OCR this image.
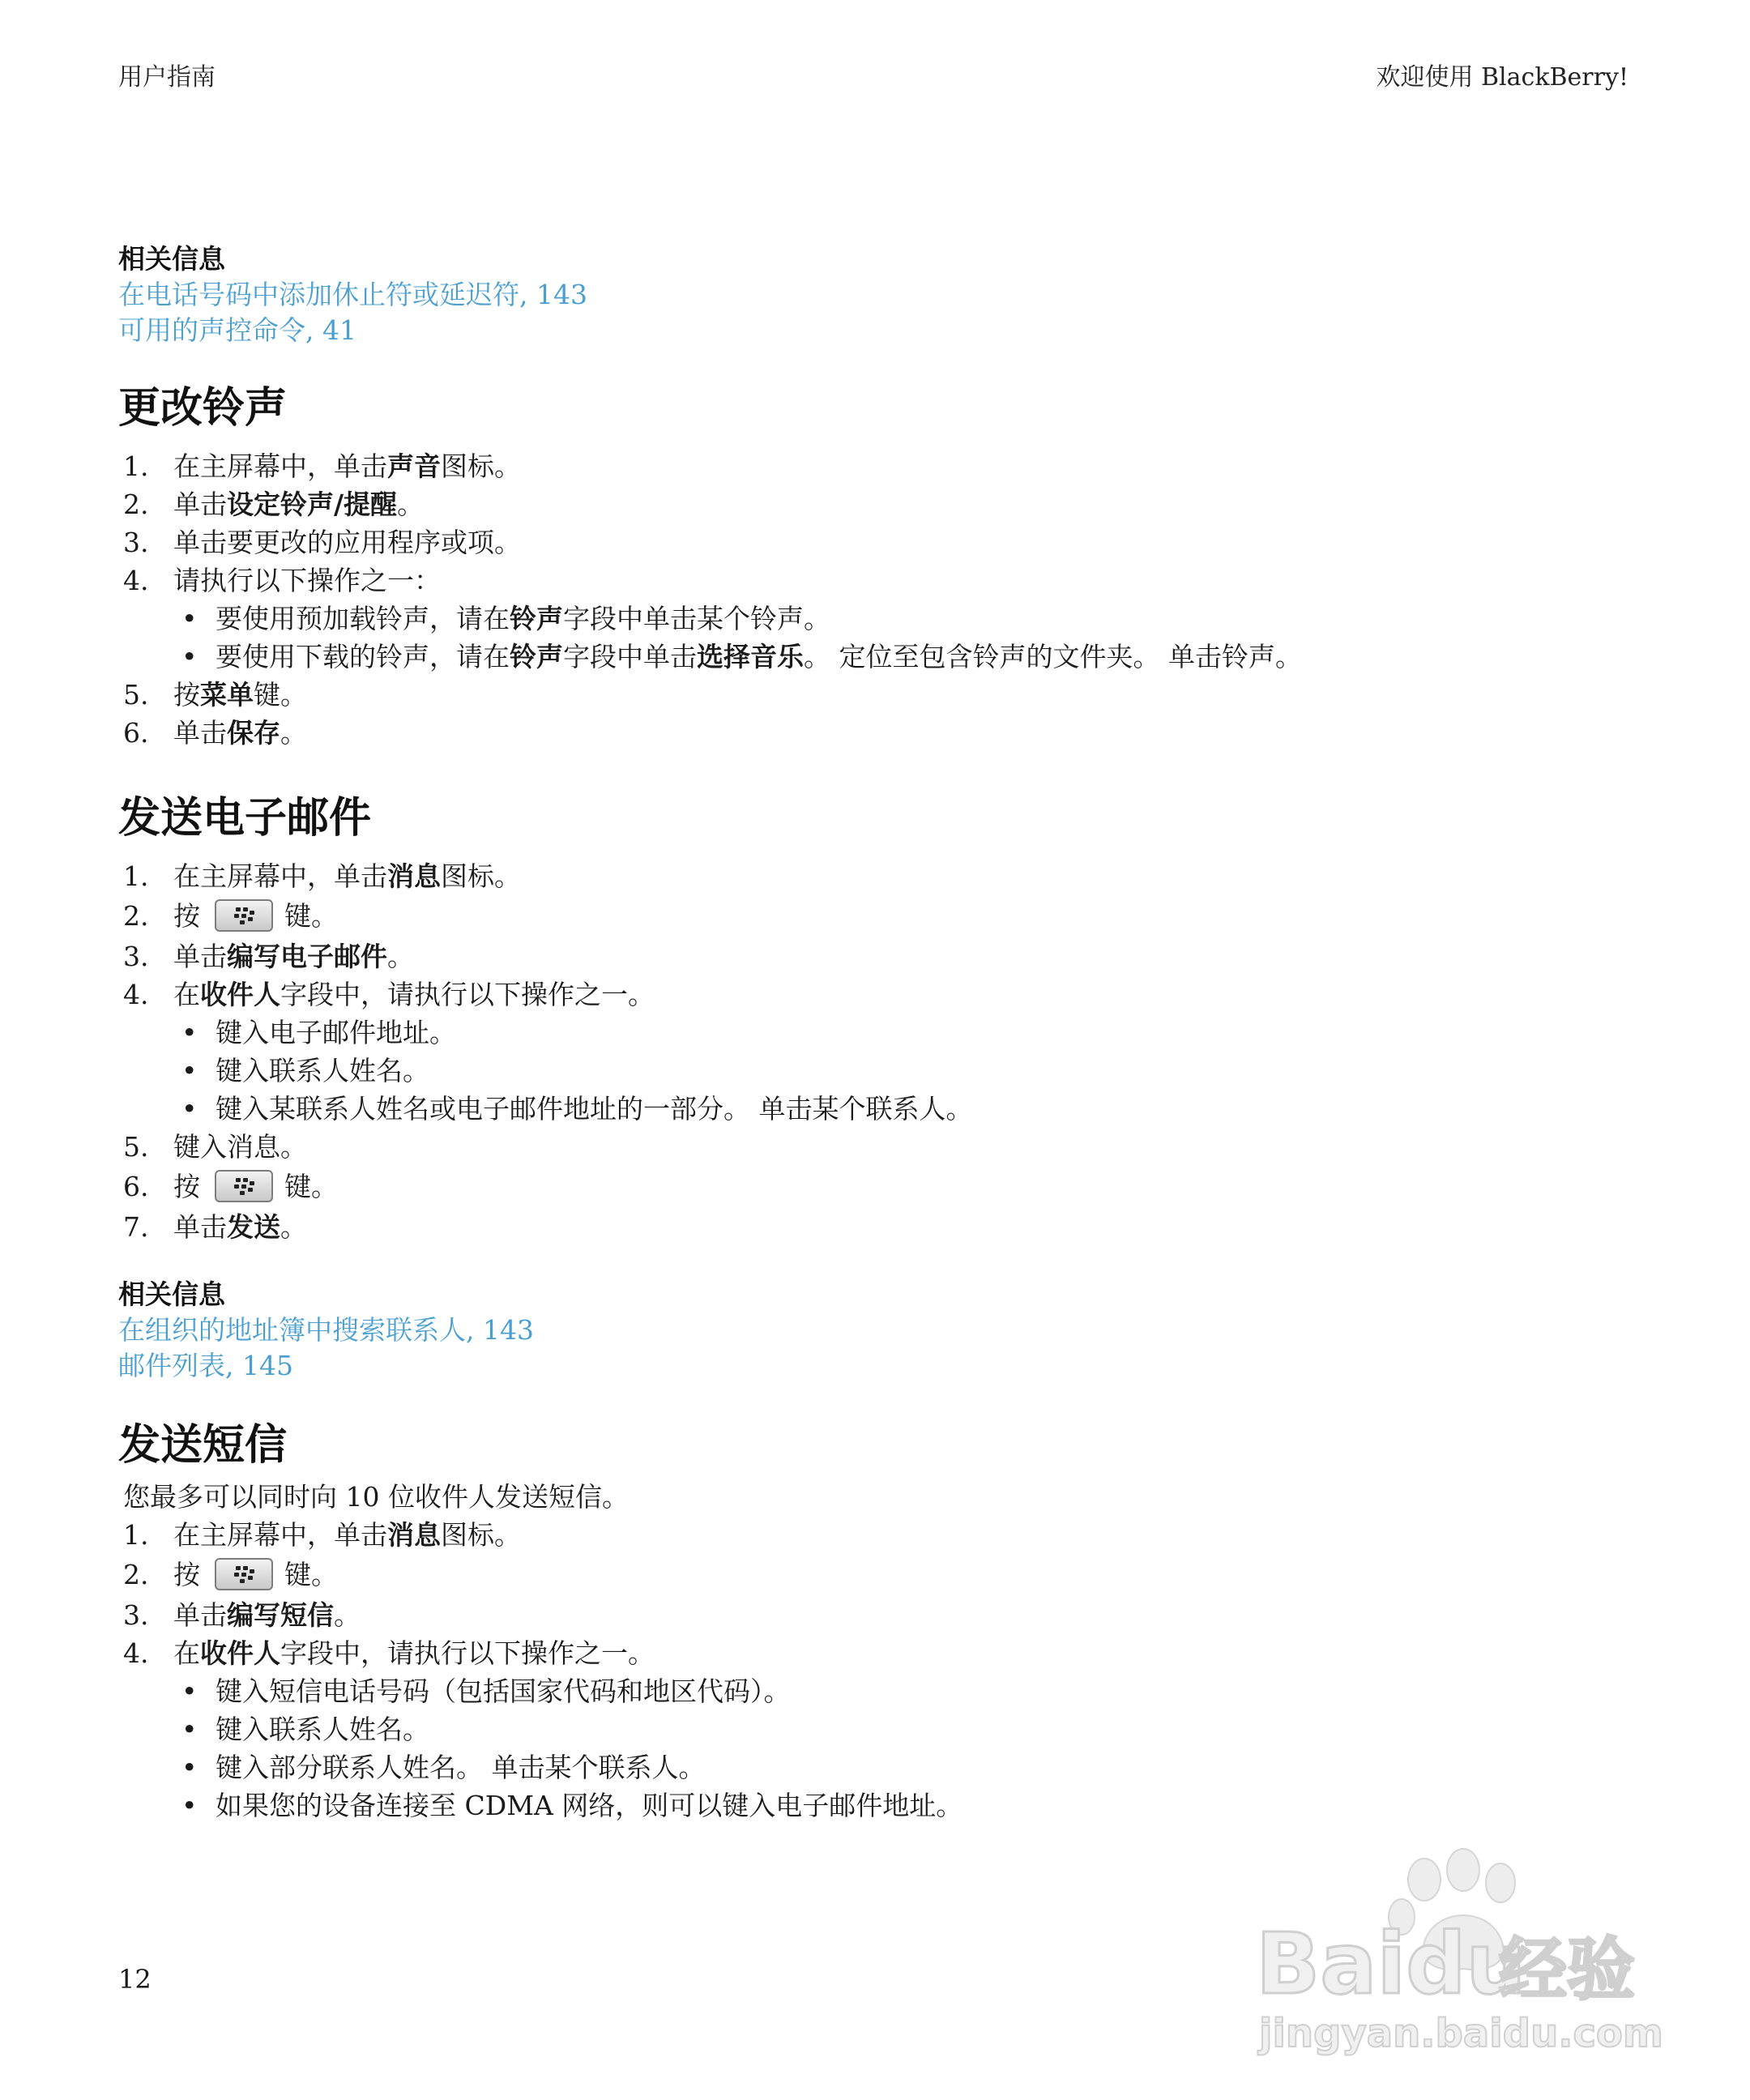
用户指南	欢迎使用 BlackBerry!
相关信息
在电话号码中添加休止符或延迟符, 143
可用的声控命令, 41
更改铃声
1. 在主屏幕中，单击声音图标。
2. 单击设定铃声/提醒。
3. 单击要更改的应用程序或项。
4. 请执行以下操作之一：
• 要使用预加载铃声，请在铃声字段中单击某个铃声。
• 要使用下载的铃声，请在铃声字段中单击选择音乐。 定位至包含铃声的文件夹。 单击铃声。
5. 按菜单键。
6. 单击保存。
发送电子邮件
1. 在主屏幕中，单击消息图标。
2. 按	键。
3. 单击编写电子邮件。
4. 在收件人字段中，请执行以下操作之一。
• 键入电子邮件地址。
• 键入联系人姓名。
• 键入某联系人姓名或电子邮件地址的一部分。 单击某个联系人。
5. 键入消息。
6. 按	键。
7. 单击发送。
相关信息
在组织的地址簿中搜索联系人, 143
邮件列表, 145
发送短信

您最多可以同时向 10 位收件人发送短信。

1. 在主屏幕中，单击消息图标。
2. 按	键。
3. 单击编写短信。
4. 在收件人字段中，请执行以下操作之一。
• 键入短信电话号码（包括国家代码和地区代码）。
• 键入联系人姓名。
• 键入部分联系人姓名。 单击某个联系人。
• 如果您的设备连接至 CDMA 网络，则可以键入电子邮件地址。
12	Baidu
经验
jingyan.baidu.com
